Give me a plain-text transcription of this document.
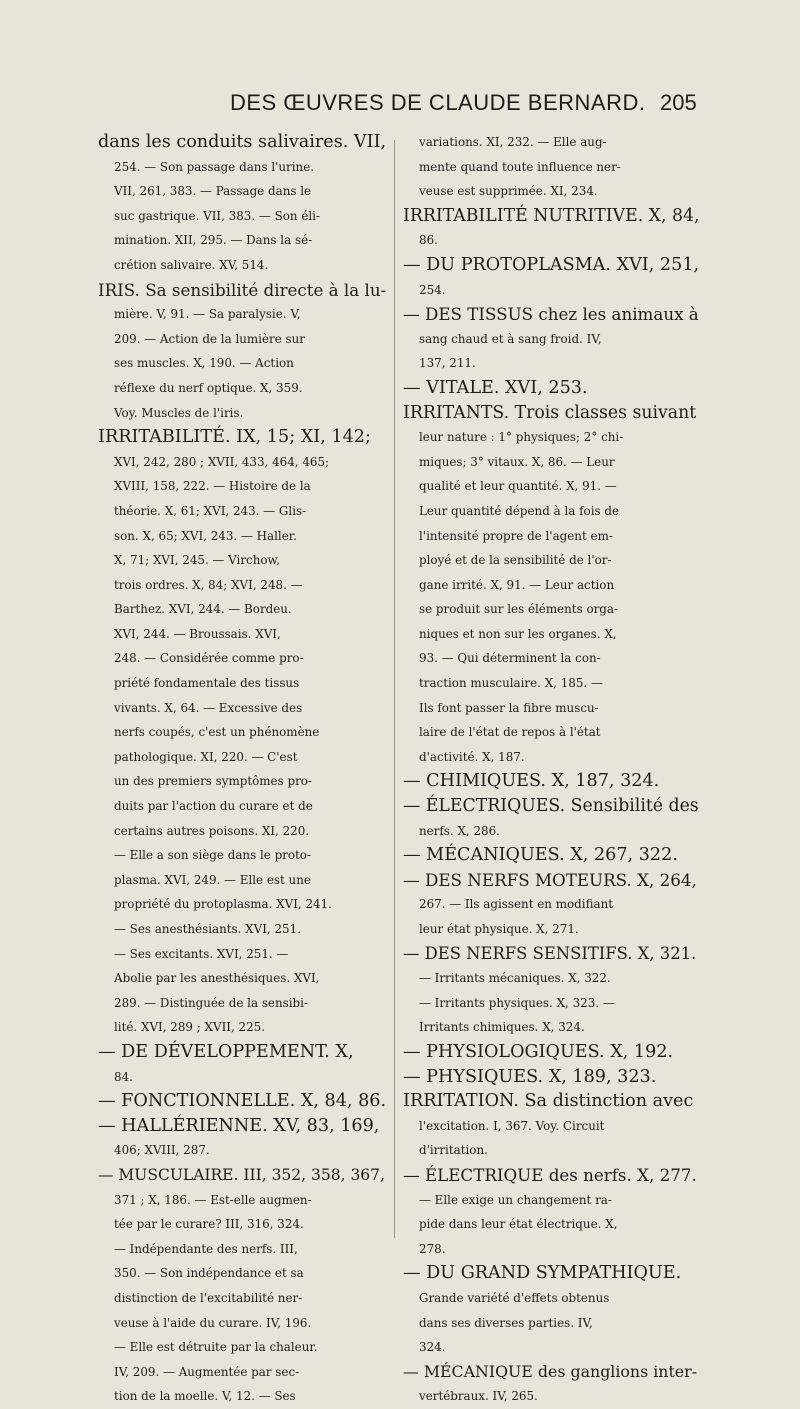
DES ŒUVRES DE CLAUDE BERNARD. 205
dans les conduits salivaires. VII,
254. — Son passage dans l'urine.
VII, 261, 383. — Passage dans le
suc gastrique. VII, 383. — Son éli-
mination. XII, 295. — Dans la sé-
crétion salivaire. XV, 514.
IRIS. Sa sensibilité directe à la lu-
mière. V, 91. — Sa paralysie. V,
209. — Action de la lumière sur
ses muscles. X, 190. — Action
réflexe du nerf optique. X, 359.
Voy. Muscles de l'iris.
IRRITABILITÉ. IX, 15; XI, 142;
XVI, 242, 280 ; XVII, 433, 464, 465;
XVIII, 158, 222. — Histoire de la
théorie. X, 61; XVI, 243. — Glis-
son. X, 65; XVI, 243. — Haller.
X, 71; XVI, 245. — Virchow,
trois ordres. X, 84; XVI, 248. —
Barthez. XVI, 244. — Bordeu.
XVI, 244. — Broussais. XVI,
248. — Considérée comme pro-
priété fondamentale des tissus
vivants. X, 64. — Excessive des
nerfs coupés, c'est un phénomène
pathologique. XI, 220. — C'est
un des premiers symptômes pro-
duits par l'action du curare et de
certains autres poisons. XI, 220.
— Elle a son siège dans le proto-
plasma. XVI, 249. — Elle est une
propriété du protoplasma. XVI, 241.
— Ses anesthésiants. XVI, 251.
— Ses excitants. XVI, 251. —
Abolie par les anesthésiques. XVI,
289. — Distinguée de la sensibi-
lité. XVI, 289 ; XVII, 225.
— DE DÉVELOPPEMENT. X,
84.
— FONCTIONNELLE. X, 84, 86.
— HALLÉRIENNE. XV, 83, 169,
406; XVIII, 287.
— MUSCULAIRE. III, 352, 358, 367,
371 ; X, 186. — Est-elle augmen-
tée par le curare? III, 316, 324.
— Indépendante des nerfs. III,
350. — Son indépendance et sa
distinction de l'excitabilité ner-
veuse à l'aide du curare. IV, 196.
— Elle est détruite par la chaleur.
IV, 209. — Augmentée par sec-
tion de la moelle. V, 12. — Ses
variations. XI, 232. — Elle aug-
mente quand toute influence ner-
veuse est supprimée. XI, 234.
IRRITABILITÉ NUTRITIVE. X, 84,
86.
— DU PROTOPLASMA. XVI, 251,
254.
— DES TISSUS chez les animaux à
sang chaud et à sang froid. IV,
137, 211.
— VITALE. XVI, 253.
IRRITANTS. Trois classes suivant
leur nature : 1° physiques; 2° chi-
miques; 3° vitaux. X, 86. — Leur
qualité et leur quantité. X, 91. —
Leur quantité dépend à la fois de
l'intensité propre de l'agent em-
ployé et de la sensibilité de l'or-
gane irrité. X, 91. — Leur action
se produit sur les éléments orga-
niques et non sur les organes. X,
93. — Qui déterminent la con-
traction musculaire. X, 185. —
Ils font passer la fibre muscu-
laire de l'état de repos à l'état
d'activité. X, 187.
— CHIMIQUES. X, 187, 324.
— ÉLECTRIQUES. Sensibilité des
nerfs. X, 286.
— MÉCANIQUES. X, 267, 322.
— DES NERFS MOTEURS. X, 264,
267. — Ils agissent en modifiant
leur état physique. X, 271.
— DES NERFS SENSITIFS. X, 321.
— Irritants mécaniques. X, 322.
— Irritants physiques. X, 323. —
Irritants chimiques. X, 324.
— PHYSIOLOGIQUES. X, 192.
— PHYSIQUES. X, 189, 323.
IRRITATION. Sa distinction avec
l'excitation. I, 367. Voy. Circuit
d'irritation.
— ÉLECTRIQUE des nerfs. X, 277.
— Elle exige un changement ra-
pide dans leur état électrique. X,
278.
— DU GRAND SYMPATHIQUE.
Grande variété d'effets obtenus
dans ses diverses parties. IV,
324.
— MÉCANIQUE des ganglions inter-
vertébraux. IV, 265.
